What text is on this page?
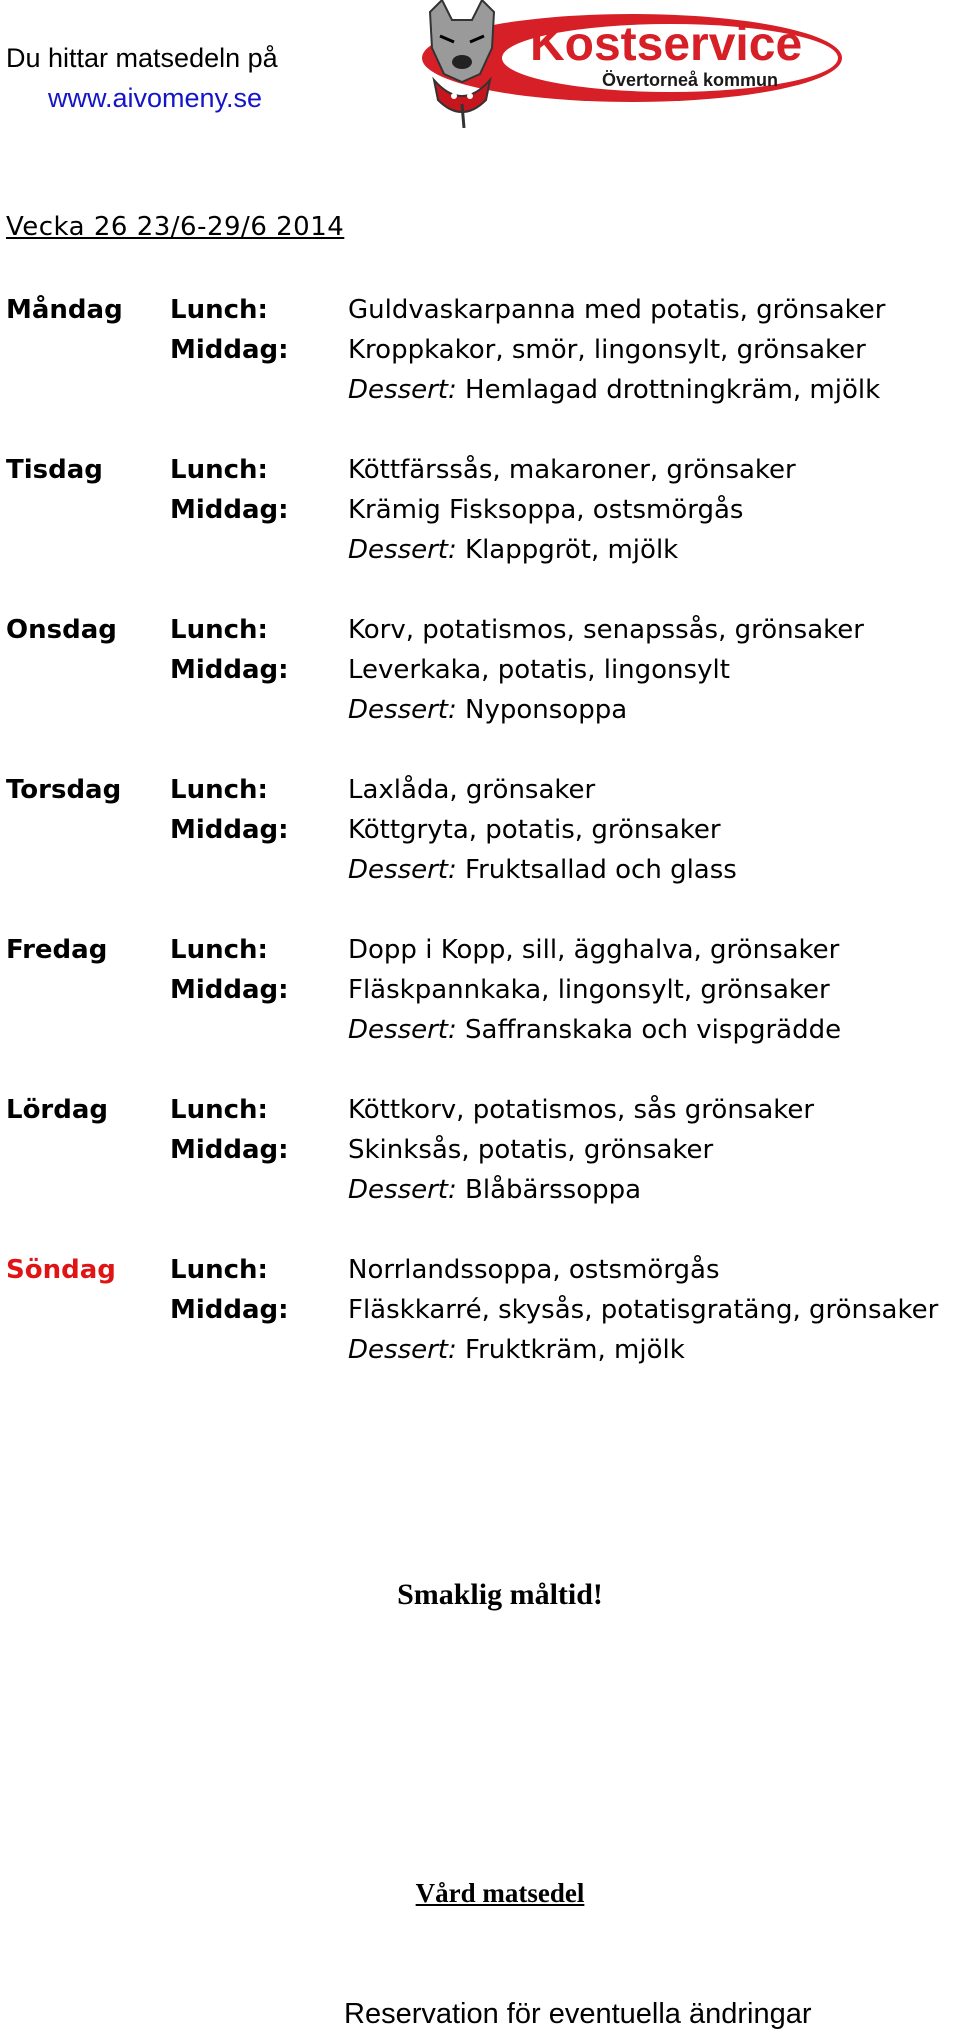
Du hittar matsedeln på
www.aivomeny.se
Kostservice
Övertorneå kommun
Vecka 26 23/6-29/6 2014
Måndag Lunch:
Middag:
Guldvaskarpanna med potatis, grönsaker
Kroppkakor, smör, lingonsylt, grönsaker
Dessert: Hemlagad drottningkräm, mjölk
Tisdag	Lunch:
Middag:
Köttfärssås, makaroner, grönsaker
Krämig Fisksoppa, ostsmörgås
Dessert: Klappgröt, mjölk
Onsdag Lunch:
Middag:
Korv, potatismos, senapssås, grönsaker
Leverkaka, potatis, lingonsylt
Dessert: Nyponsoppa
Torsdag Lunch:
Middag:
Laxlåda, grönsaker
Köttgryta, potatis, grönsaker
Dessert: Fruktsallad och glass
Fredag Lunch:
Middag:
Dopp i Kopp, sill, ägghalva, grönsaker
Fläskpannkaka, lingonsylt, grönsaker
Dessert: Saffranskaka och vispgrädde
Lördag Lunch:
Middag:
Köttkorv, potatismos, sås grönsaker
Skinksås, potatis, grönsaker
Dessert: Blåbärssoppa
Söndag Lunch:
Middag:
Norrlandssoppa, ostsmörgås
Fläskkarré, skysås, potatisgratäng, grönsaker
Dessert: Fruktkräm, mjölk
Smaklig måltid!
Vård matsedel
Reservation för eventuella ändringar
